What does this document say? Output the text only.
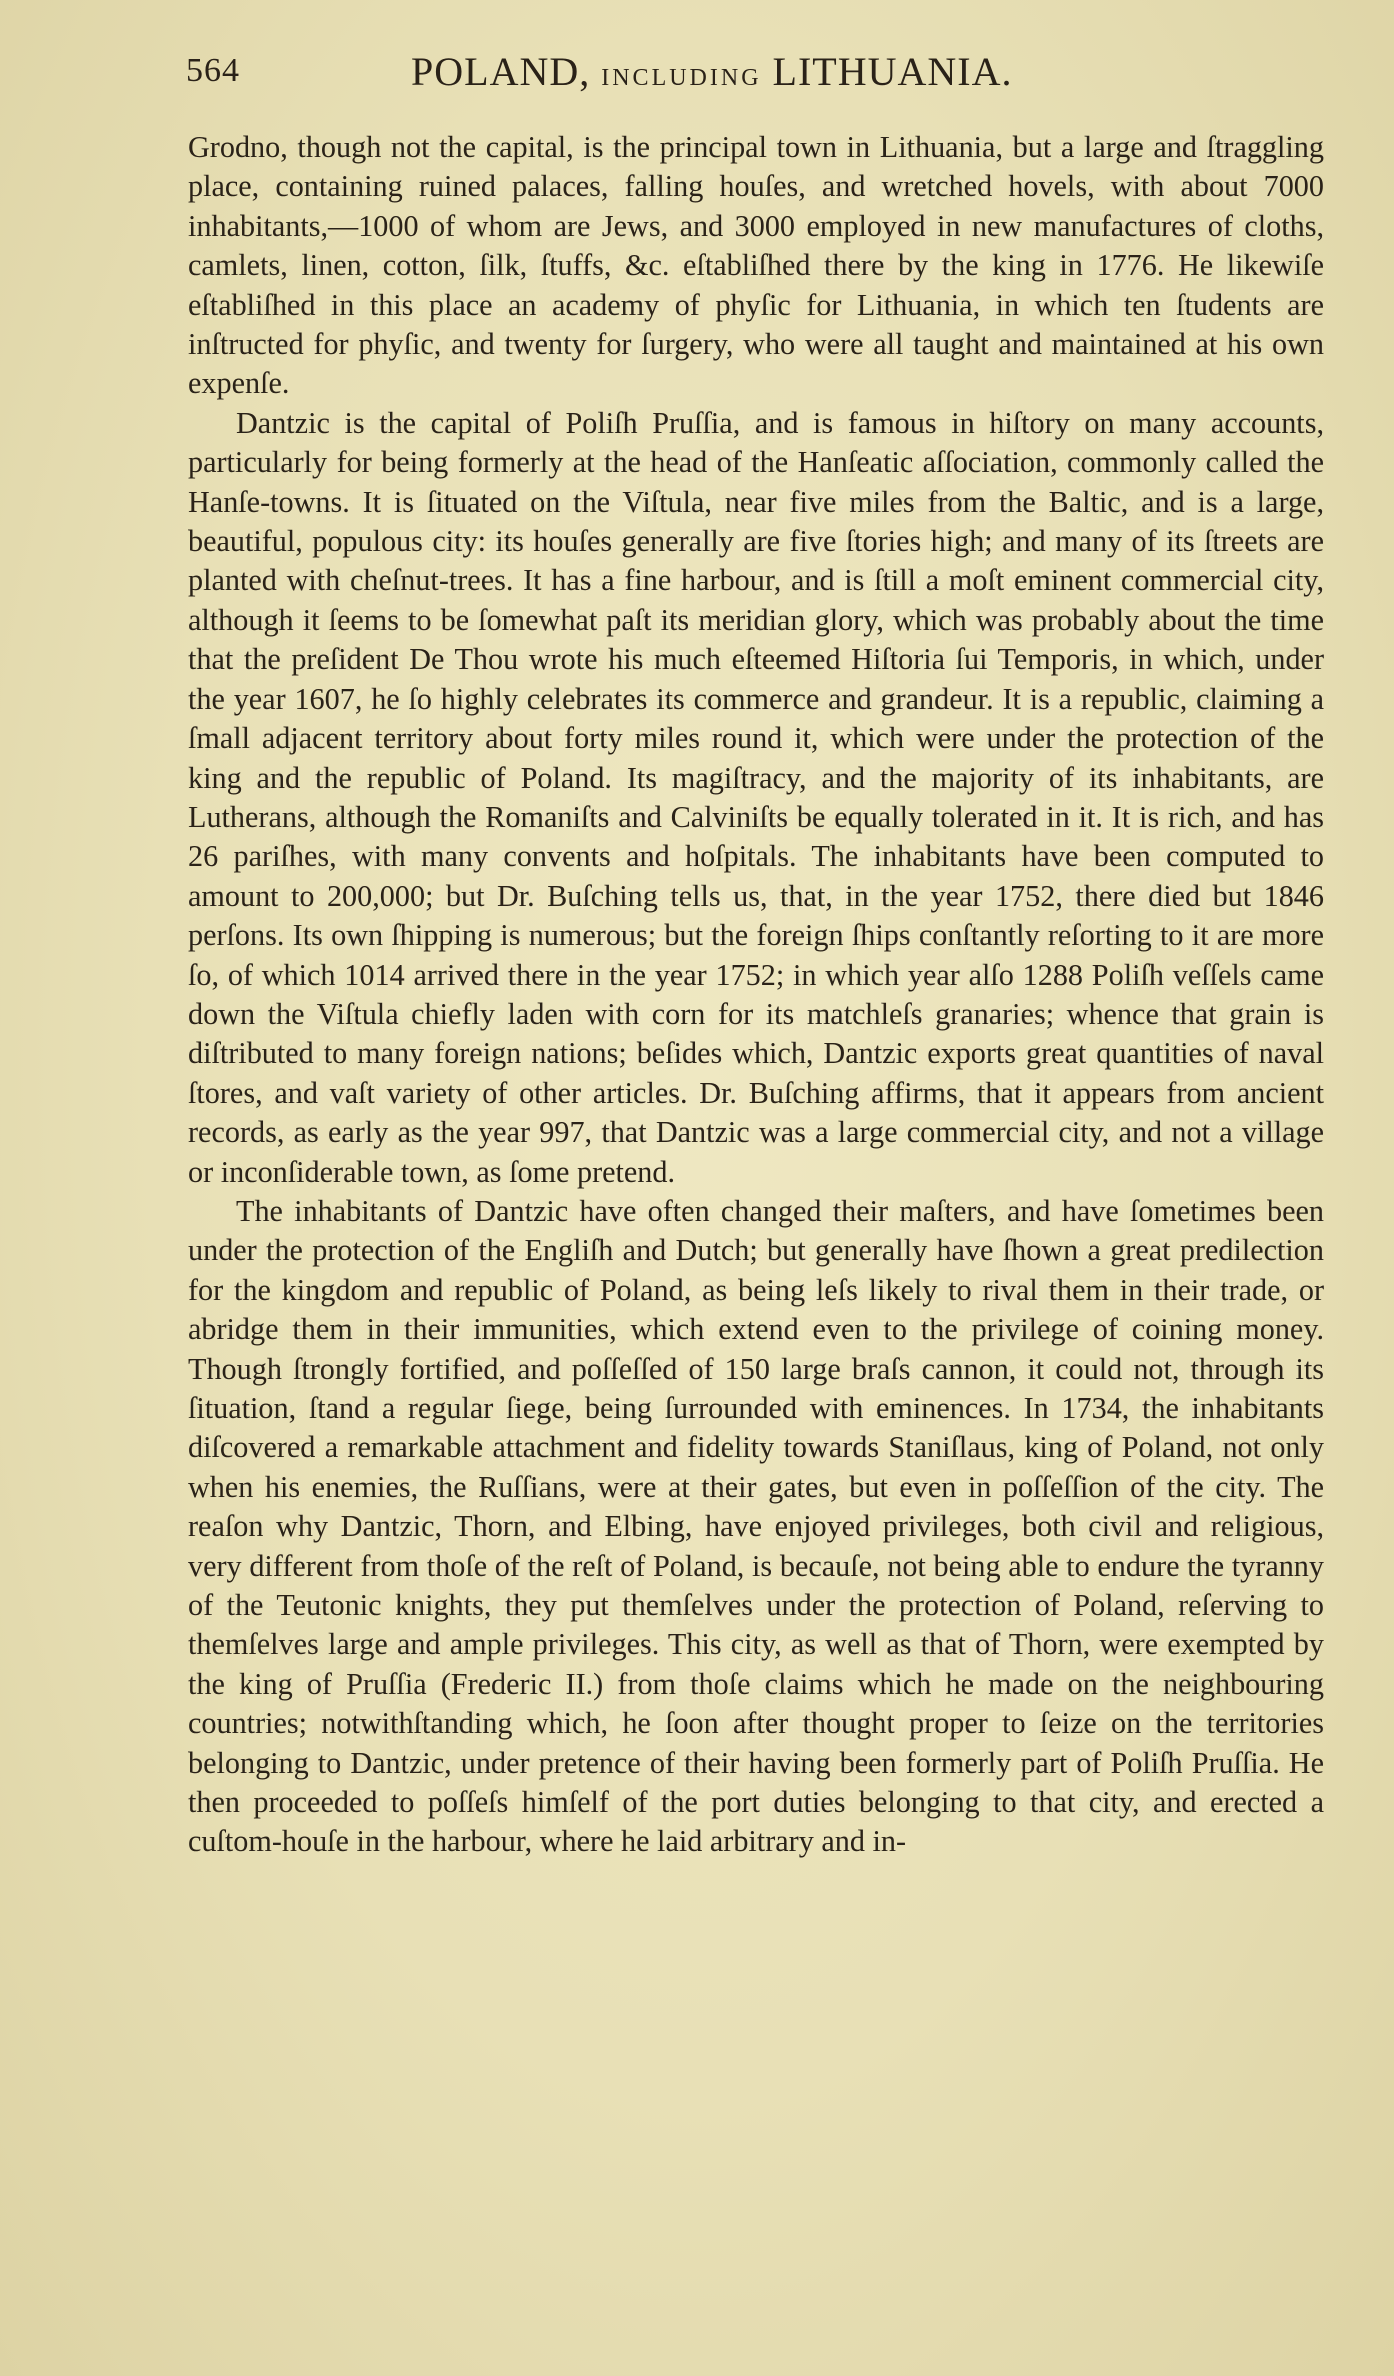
564	POLAND, INCLUDING LITHUANIA.

Grodno, though not the capital, is the principal town in Lithuania, but a large and ſtraggling place, containing ruined palaces, falling houſes, and wretched hovels, with about 7000 inhabitants,—1000 of whom are Jews, and 3000 employed in new manufactures of cloths, camlets, linen, cotton, ſilk, ſtuffs, &c. eſtabliſhed there by the king in 1776. He likewiſe eſtabliſhed in this place an academy of phyſic for Lithuania, in which ten ſtudents are inſtructed for phyſic, and twenty for ſurgery, who were all taught and maintained at his own expenſe.

Dantzic is the capital of Poliſh Pruſſia, and is famous in hiſtory on many accounts, particularly for being formerly at the head of the Hanſeatic aſſociation, commonly called the Hanſe-towns. It is ſituated on the Viſtula, near five miles from the Baltic, and is a large, beautiful, populous city: its houſes generally are five ſtories high; and many of its ſtreets are planted with cheſnut-trees. It has a fine harbour, and is ſtill a moſt eminent commercial city, although it ſeems to be ſomewhat paſt its meridian glory, which was probably about the time that the preſident De Thou wrote his much eſteemed Hiſtoria ſui Temporis, in which, under the year 1607, he ſo highly celebrates its commerce and grandeur. It is a republic, claiming a ſmall adjacent territory about forty miles round it, which were under the protection of the king and the republic of Poland. Its magiſtracy, and the majority of its inhabitants, are Lutherans, although the Romaniſts and Calviniſts be equally tolerated in it. It is rich, and has 26 pariſhes, with many convents and hoſpitals. The inhabitants have been computed to amount to 200,000; but Dr. Buſching tells us, that, in the year 1752, there died but 1846 perſons. Its own ſhipping is numerous; but the foreign ſhips conſtantly reſorting to it are more ſo, of which 1014 arrived there in the year 1752; in which year alſo 1288 Poliſh veſſels came down the Viſtula chiefly laden with corn for its matchleſs granaries; whence that grain is diſtributed to many foreign nations; beſides which, Dantzic exports great quantities of naval ſtores, and vaſt variety of other articles. Dr. Buſching affirms, that it appears from ancient records, as early as the year 997, that Dantzic was a large commercial city, and not a village or inconſiderable town, as ſome pretend.

The inhabitants of Dantzic have often changed their maſters, and have ſometimes been under the protection of the Engliſh and Dutch; but generally have ſhown a great predilection for the kingdom and republic of Poland, as being leſs likely to rival them in their trade, or abridge them in their immunities, which extend even to the privilege of coining money. Though ſtrongly fortified, and poſſeſſed of 150 large braſs cannon, it could not, through its ſituation, ſtand a regular ſiege, being ſurrounded with eminences. In 1734, the inhabitants diſcovered a remarkable attachment and fidelity towards Staniſlaus, king of Poland, not only when his enemies, the Ruſſians, were at their gates, but even in poſſeſſion of the city. The reaſon why Dantzic, Thorn, and Elbing, have enjoyed privileges, both civil and religious, very different from thoſe of the reſt of Poland, is becauſe, not being able to endure the tyranny of the Teutonic knights, they put themſelves under the protection of Poland, reſerving to themſelves large and ample privileges. This city, as well as that of Thorn, were exempted by the king of Pruſſia (Frederic II.) from thoſe claims which he made on the neighbouring countries; notwithſtanding which, he ſoon after thought proper to ſeize on the territories belonging to Dantzic, under pretence of their having been formerly part of Poliſh Pruſſia. He then proceeded to poſſeſs himſelf of the port duties belonging to that city, and erected a cuſtom-houſe in the harbour, where he laid arbitrary and in-
